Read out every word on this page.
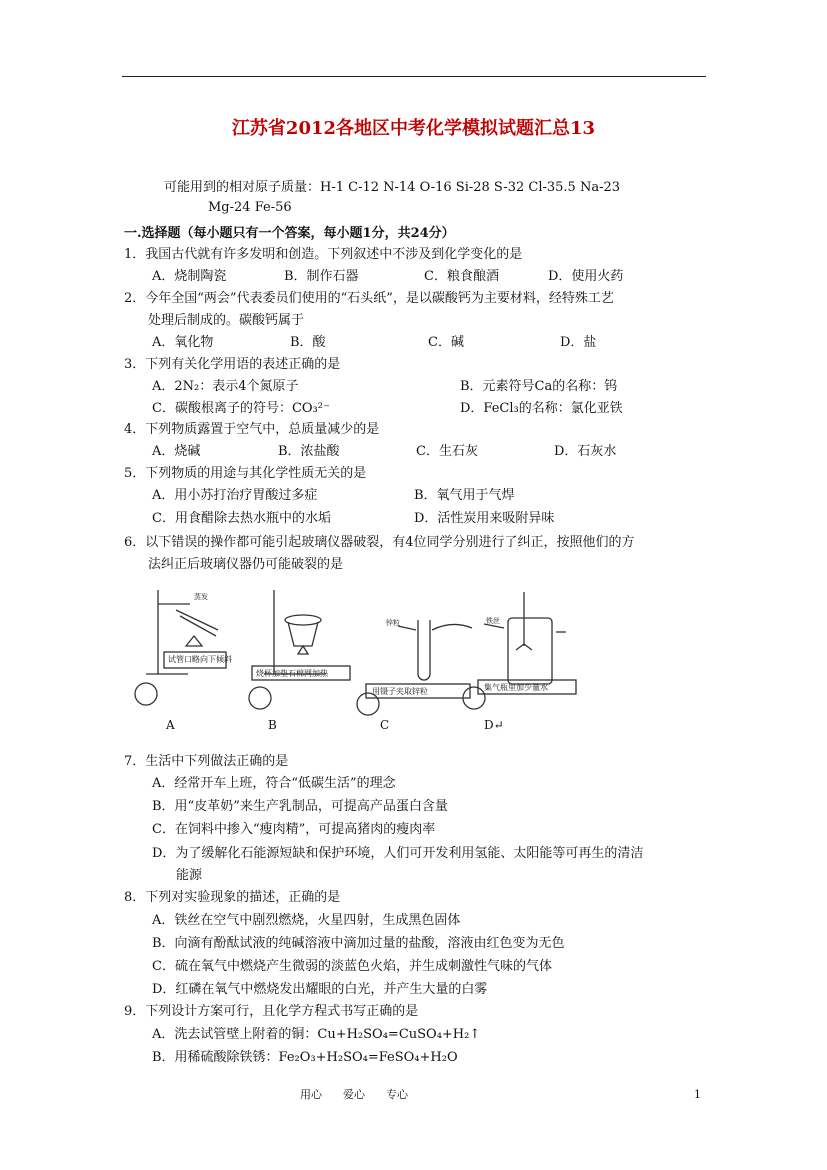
江苏省2012各地区中考化学模拟试题汇总13
可能用到的相对原子质量：H-1 C-12 N-14 O-16 Si-28 S-32 Cl-35.5 Na-23
Mg-24 Fe-56
一.选择题（每小题只有一个答案，每小题1分，共24分）
1．我国古代就有许多发明和创造。下列叙述中不涉及到化学变化的是
A．烧制陶瓷	B．制作石器	C．粮食酿酒	D．使用火药
2．今年全国“两会”代表委员们使用的“石头纸”，是以碳酸钙为主要材料，经特殊工艺
处理后制成的。碳酸钙属于
A．氧化物	B．酸	C．碱	D．盐
3．下列有关化学用语的表述正确的是
A．2N₂：表示4个氮原子	B．元素符号Ca的名称：钨
C．碳酸根离子的符号：CO₃²⁻	D．FeCl₃的名称：氯化亚铁
4．下列物质露置于空气中，总质量减少的是
A．烧碱	B．浓盐酸	C．生石灰	D．石灰水
5．下列物质的用途与其化学性质无关的是
A．用小苏打治疗胃酸过多症	B．氧气用于气焊
C．用食醋除去热水瓶中的水垢	D．活性炭用来吸附异味
6．以下错误的操作都可能引起玻璃仪器破裂，有4位同学分别进行了纠正，按照他们的方
法纠正后玻璃仪器仍可能破裂的是
试管口略向下倾斜
烧杯加垫石棉网加热
用镊子夹取锌粒	集气瓶里加少量水
蒸发
锌粒	铁丝
A	B	C	D↵
7．生活中下列做法正确的是
A．经常开车上班，符合“低碳生活”的理念
B．用“皮革奶”来生产乳制品，可提高产品蛋白含量
C．在饲料中掺入“瘦肉精”，可提高猪肉的瘦肉率
D．为了缓解化石能源短缺和保护环境，人们可开发利用氢能、太阳能等可再生的清洁
能源
8．下列对实验现象的描述，正确的是
A．铁丝在空气中剧烈燃烧，火星四射，生成黑色固体
B．向滴有酚酞试液的纯碱溶液中滴加过量的盐酸，溶液由红色变为无色
C．硫在氧气中燃烧产生微弱的淡蓝色火焰，并生成刺激性气味的气体
D．红磷在氧气中燃烧发出耀眼的白光，并产生大量的白雾
9．下列设计方案可行，且化学方程式书写正确的是
A．洗去试管壁上附着的铜：Cu+H₂SO₄=CuSO₄+H₂↑
B．用稀硫酸除铁锈：Fe₂O₃+H₂SO₄=FeSO₄+H₂O
用心      爱心      专心	1
